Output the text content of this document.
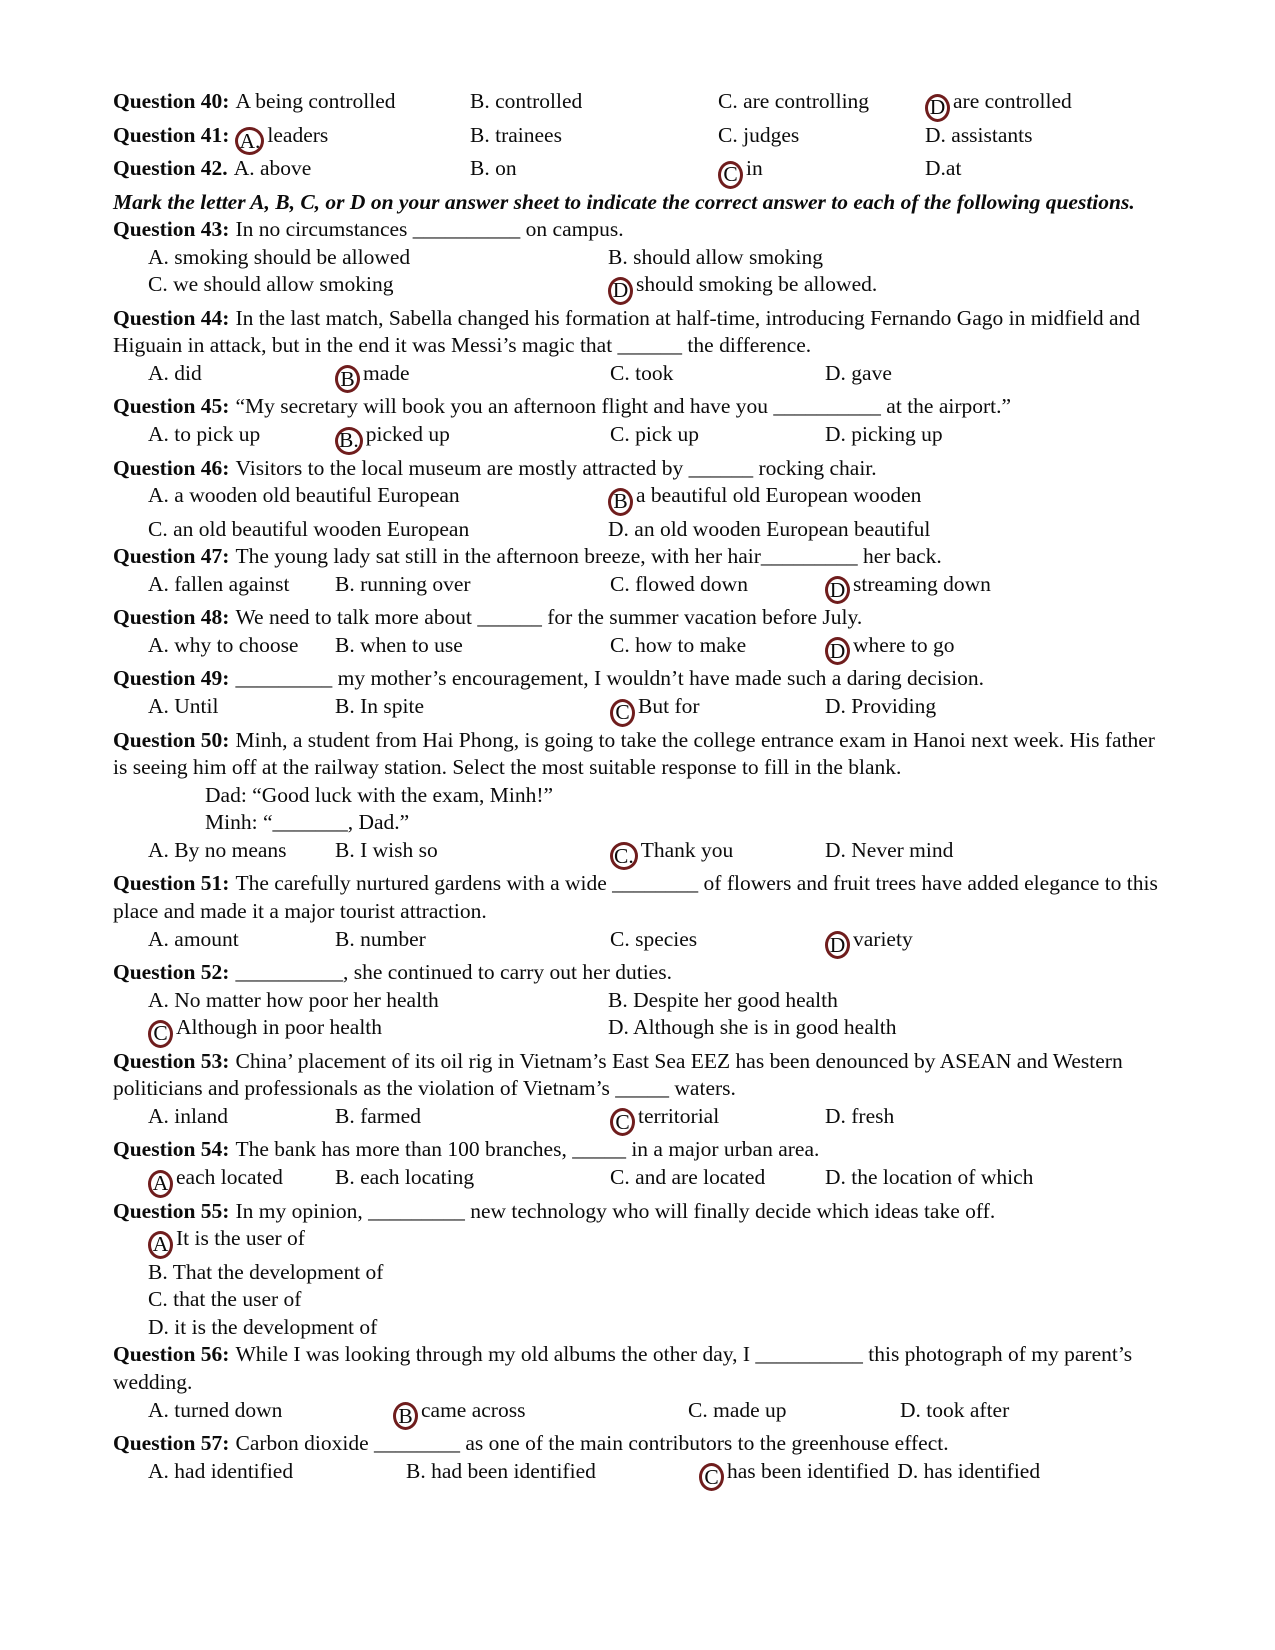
Question 40: A being controlled	B. controlled	C. are controlling	D are controlled
Question 41: A. leaders	B. trainees	C. judges	D. assistants
Question 42. A. above	B. on	C in	D.at
Mark the letter A, B, C, or D on your answer sheet to indicate the correct answer to each of the following questions.
Question 43: In no circumstances __________ on campus.
A. smoking should be allowed	B. should allow smoking
C. we should allow smoking	D should smoking be allowed.
Question 44: In the last match, Sabella changed his formation at half-time, introducing Fernando Gago in midfield and Higuain in attack, but in the end it was Messi’s magic that ______ the difference.
A. did	B made	C. took	D. gave
Question 45: “My secretary will book you an afternoon flight and have you __________ at the airport.”
A. to pick up	B. picked up	C. pick up	D. picking up
Question 46: Visitors to the local museum are mostly attracted by ______ rocking chair.
A. a wooden old beautiful European	B a beautiful old European wooden
C. an old beautiful wooden European	D. an old wooden European beautiful
Question 47: The young lady sat still in the afternoon breeze, with her hair_________ her back.
A. fallen against	B. running over	C. flowed down	D streaming down
Question 48: We need to talk more about ______ for the summer vacation before July.
A. why to choose	B. when to use	C. how to make	D where to go
Question 49: _________ my mother’s encouragement, I wouldn’t have made such a daring decision.
A. Until	B. In spite	C But for	D. Providing
Question 50: Minh, a student from Hai Phong, is going to take the college entrance exam in Hanoi next week. His father is seeing him off at the railway station. Select the most suitable response to fill in the blank.
Dad: “Good luck with the exam, Minh!”
Minh: “_______, Dad.”
A. By no means	B. I wish so	C. Thank you	D. Never mind
Question 51: The carefully nurtured gardens with a wide ________ of flowers and fruit trees have added elegance to this place and made it a major tourist attraction.
A. amount	B. number	C. species	D variety
Question 52: __________, she continued to carry out her duties.
A. No matter how poor her health	B. Despite her good health
C Although in poor health	D. Although she is in good health
Question 53: China’ placement of its oil rig in Vietnam’s East Sea EEZ has been denounced by ASEAN and Western politicians and professionals as the violation of Vietnam’s _____ waters.
A. inland	B. farmed	C territorial	D. fresh
Question 54: The bank has more than 100 branches, _____ in a major urban area.
A each located	B. each locating	C. and are located	D. the location of which
Question 55: In my opinion, _________ new technology who will finally decide which ideas take off.
A It is the user of
B. That the development of
C. that the user of
D. it is the development of
Question 56: While I was looking through my old albums the other day, I __________ this photograph of my parent’s wedding.
A. turned down	B came across	C. made up	D. took after
Question 57: Carbon dioxide ________ as one of the main contributors to the greenhouse effect.
A. had identified	B. had been identified	C has been identified D. has identified
